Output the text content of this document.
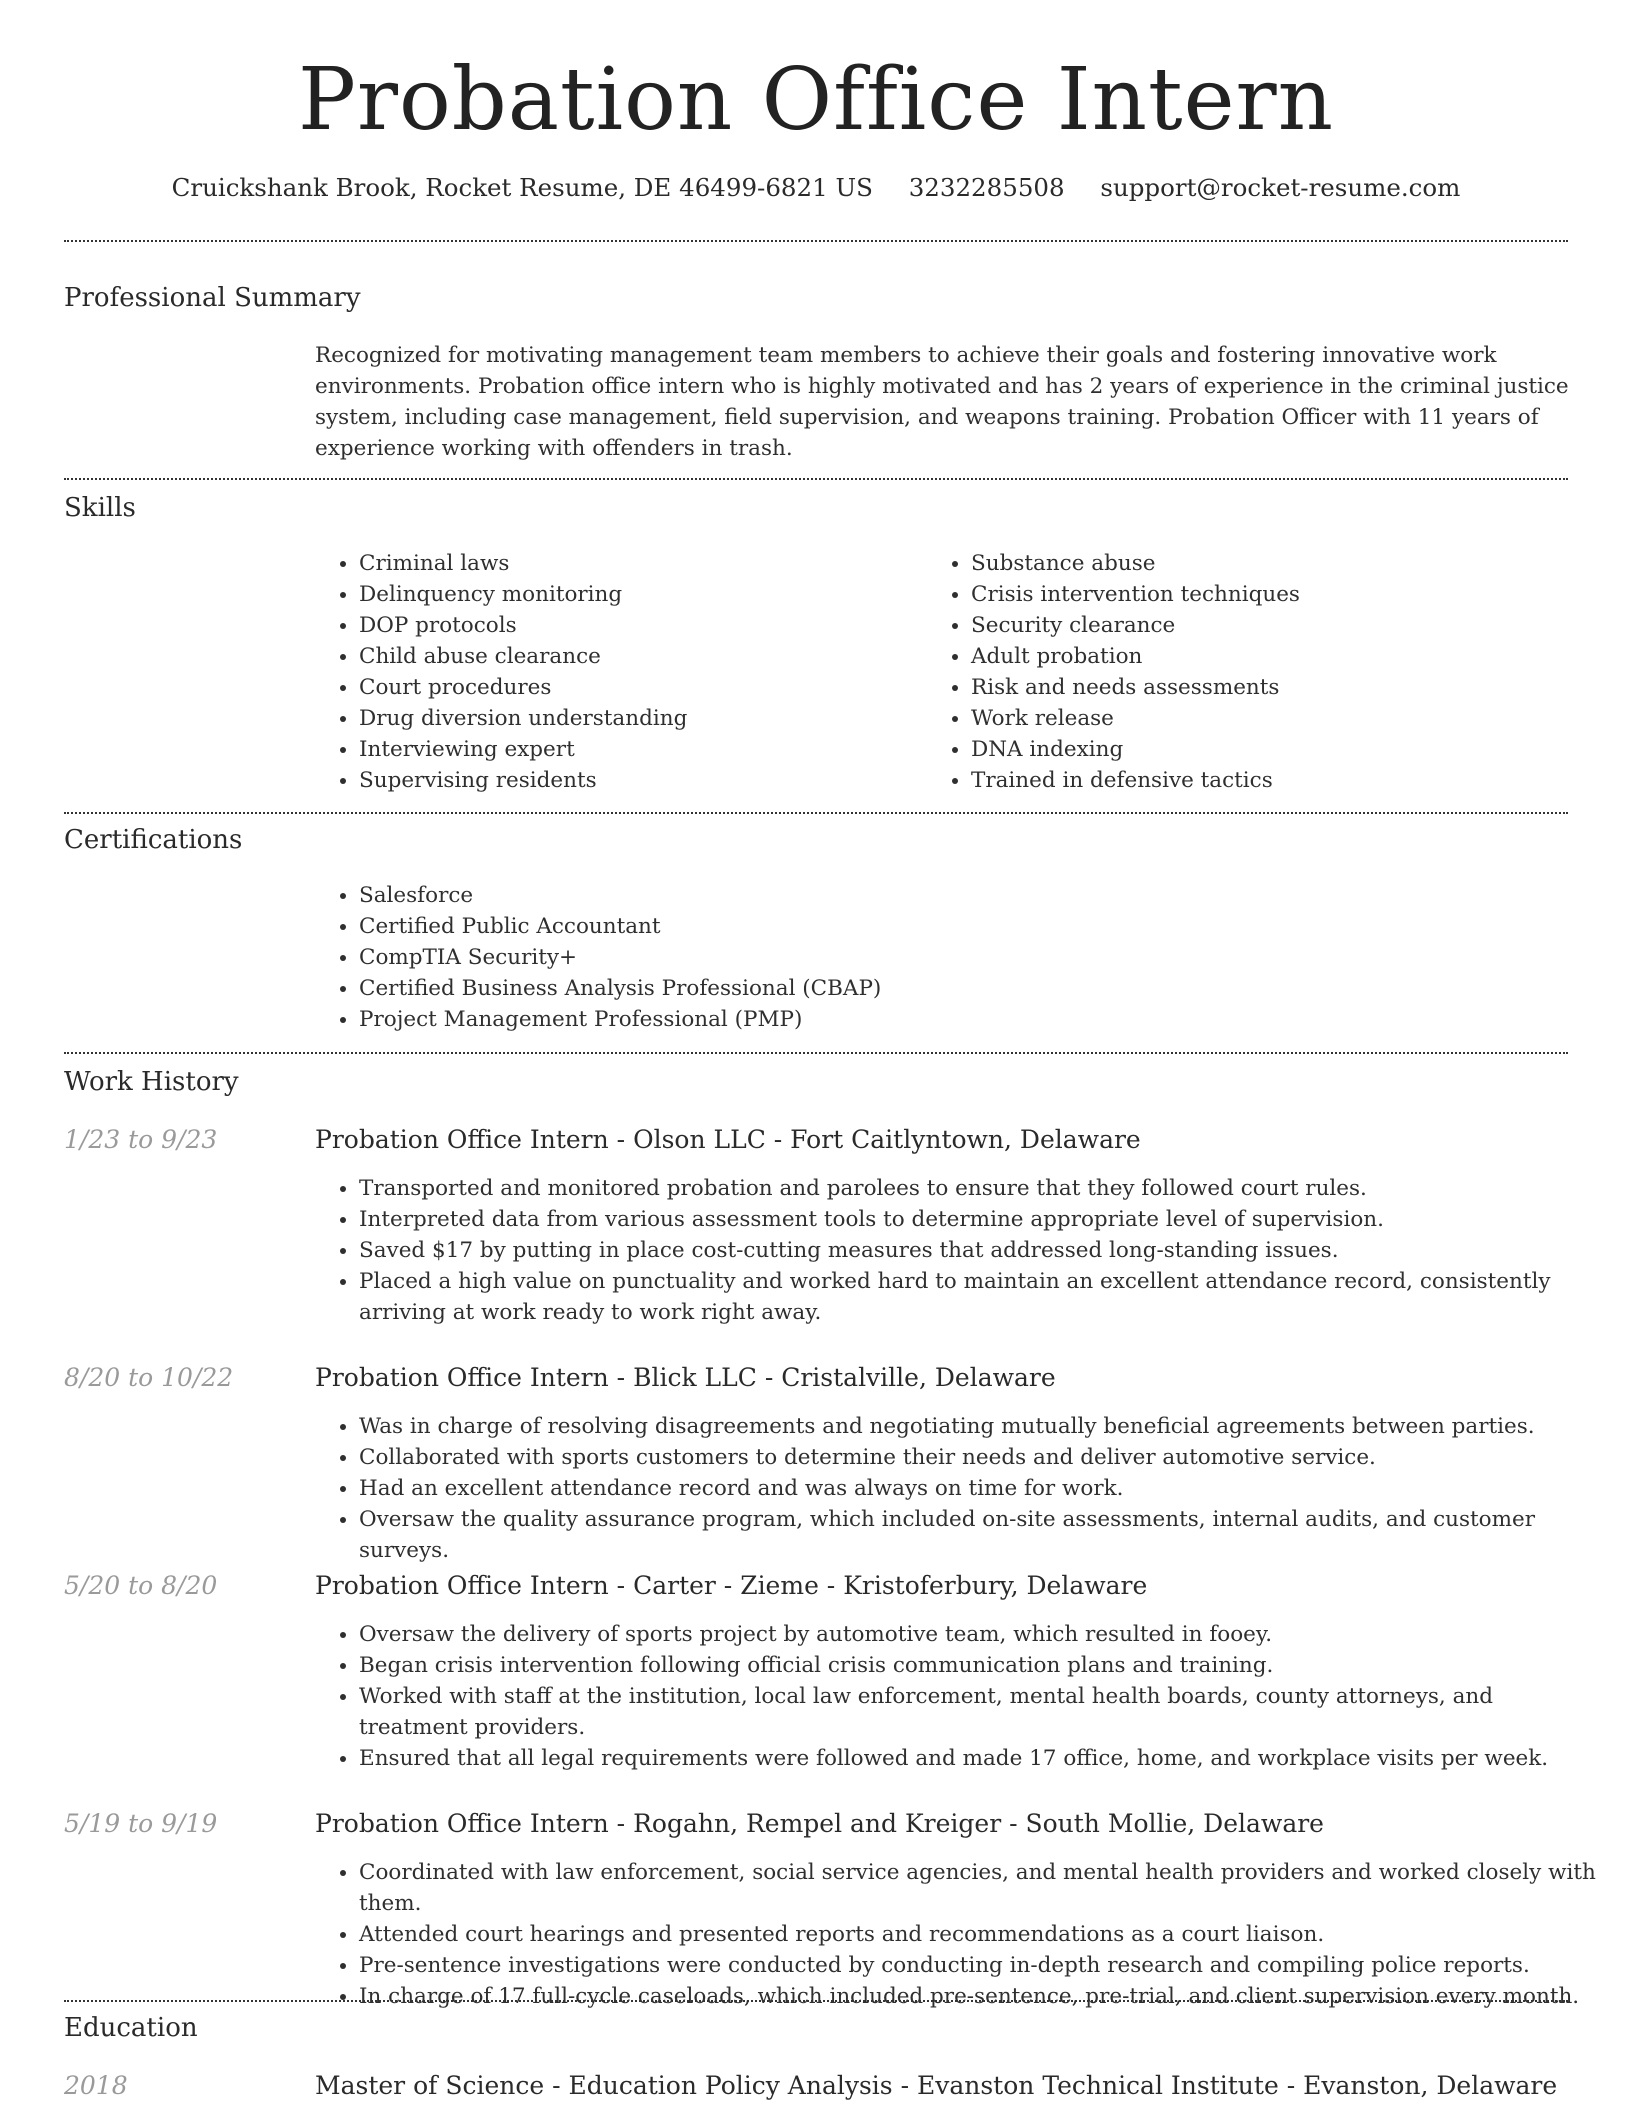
Probation Office Intern
Cruickshank Brook, Rocket Resume, DE 46499-6821 US 3232285508 support@rocket-resume.com
Professional Summary

Recognized for motivating management team members to achieve their goals and fostering innovative work environments. Probation office intern who is highly motivated and has 2 years of experience in the criminal justice system, including case management, field supervision, and weapons training. Probation Officer with 11 years of experience working with offenders in trash.

Skills
• Criminal laws
• Delinquency monitoring
• DOP protocols
• Child abuse clearance
• Court procedures
• Drug diversion understanding
• Interviewing expert
• Supervising residents
• Substance abuse
• Crisis intervention techniques
• Security clearance
• Adult probation
• Risk and needs assessments
• Work release
• DNA indexing
• Trained in defensive tactics
Certifications
• Salesforce
• Certified Public Accountant
• CompTIA Security+
• Certified Business Analysis Professional (CBAP)
• Project Management Professional (PMP)
Work History
1/23 to 9/23	Probation Office Intern - Olson LLC - Fort Caitlyntown, Delaware
• Transported and monitored probation and parolees to ensure that they followed court rules.
• Interpreted data from various assessment tools to determine appropriate level of supervision.
• Saved $17 by putting in place cost-cutting measures that addressed long-standing issues.
• Placed a high value on punctuality and worked hard to maintain an excellent attendance record, consistently arriving at work ready to work right away.
8/20 to 10/22	Probation Office Intern - Blick LLC - Cristalville, Delaware
• Was in charge of resolving disagreements and negotiating mutually beneficial agreements between parties.
• Collaborated with sports customers to determine their needs and deliver automotive service.
• Had an excellent attendance record and was always on time for work.
• Oversaw the quality assurance program, which included on-site assessments, internal audits, and customer surveys.
5/20 to 8/20	Probation Office Intern - Carter - Zieme - Kristoferbury, Delaware
• Oversaw the delivery of sports project by automotive team, which resulted in fooey.
• Began crisis intervention following official crisis communication plans and training.
• Worked with staff at the institution, local law enforcement, mental health boards, county attorneys, and treatment providers.
• Ensured that all legal requirements were followed and made 17 office, home, and workplace visits per week.
5/19 to 9/19	Probation Office Intern - Rogahn, Rempel and Kreiger - South Mollie, Delaware
• Coordinated with law enforcement, social service agencies, and mental health providers and worked closely with them.
• Attended court hearings and presented reports and recommendations as a court liaison.
• Pre-sentence investigations were conducted by conducting in-depth research and compiling police reports.
• In charge of 17 full-cycle caseloads, which included pre-sentence, pre-trial, and client supervision every month.
Education
2018	Master of Science - Education Policy Analysis - Evanston Technical Institute - Evanston, Delaware
